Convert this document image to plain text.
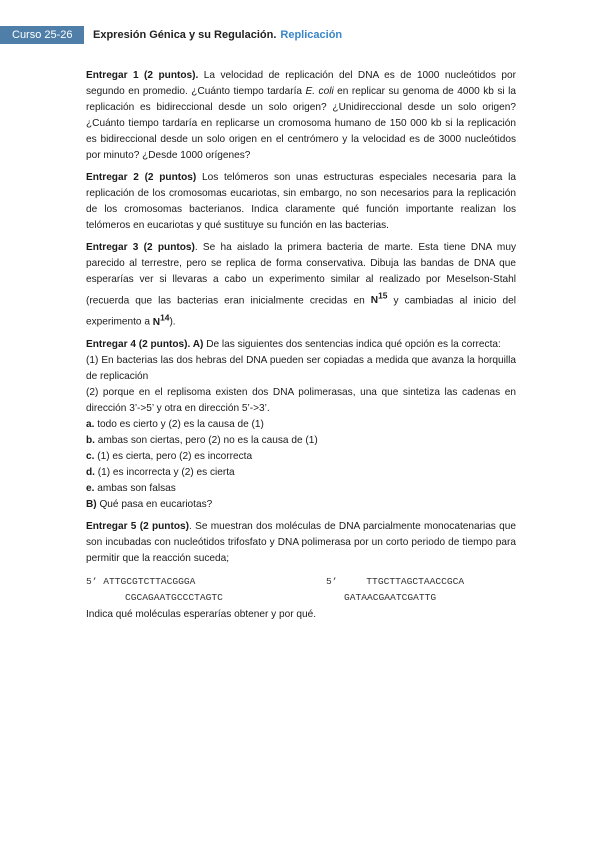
Curso 25-26	Expresión Génica y su Regulación. Replicación

Entregar 1 (2 puntos). La velocidad de replicación del DNA es de 1000 nucleótidos por segundo en promedio. ¿Cuánto tiempo tardaría E. coli en replicar su genoma de 4000 kb si la replicación es bidireccional desde un solo origen? ¿Unidireccional desde un solo origen? ¿Cuánto tiempo tardaría en replicarse un cromosoma humano de 150 000 kb si la replicación es bidireccional desde un solo origen en el centrómero y la velocidad es de 3000 nucleótidos por minuto? ¿Desde 1000 orígenes?

Entregar 2 (2 puntos) Los telómeros son unas estructuras especiales necesaria para la replicación de los cromosomas eucariotas, sin embargo, no son necesarios para la replicación de los cromosomas bacterianos. Indica claramente qué función importante realizan los telómeros en eucariotas y qué sustituye su función en las bacterias.

Entregar 3 (2 puntos). Se ha aislado la primera bacteria de marte. Esta tiene DNA muy parecido al terrestre, pero se replica de forma conservativa. Dibuja las bandas de DNA que esperarías ver si llevaras a cabo un experimento similar al realizado por Meselson-Stahl (recuerda que las bacterias eran inicialmente crecidas en $N^{15}$ y cambiadas al inicio del experimento a $N^{14}$).

Entregar 4 (2 puntos). A) De las siguientes dos sentencias indica qué opción es la correcta:

(1) En bacterias las dos hebras del DNA pueden ser copiadas a medida que avanza la horquilla de replicación

(2) porque en el replisoma existen dos DNA polimerasas, una que sintetiza las cadenas en dirección 3’->5’ y otra en dirección 5’->3’.

a. todo es cierto y (2) es la causa de (1)

b. ambas son ciertas, pero (2) no es la causa de (1)

c. (1) es cierta, pero (2) es incorrecta

d. (1) es incorrecta y (2) es cierta

e. ambas son falsas

B) Qué pasa en eucariotas?

Entregar 5 (2 puntos). Se muestran dos moléculas de DNA parcialmente monocatenarias que son incubadas con nucleótidos trifosfato y DNA polimerasa por un corto periodo de tiempo para permitir que la reacción suceda;

5’ ATTGCGTCTTACGGGA
CGCAGAATGCCCTAGTC
5’     TTGCTTAGCTAACCGCA
GATAACGAATCGATTG

Indica qué moléculas esperarías obtener y por qué.
